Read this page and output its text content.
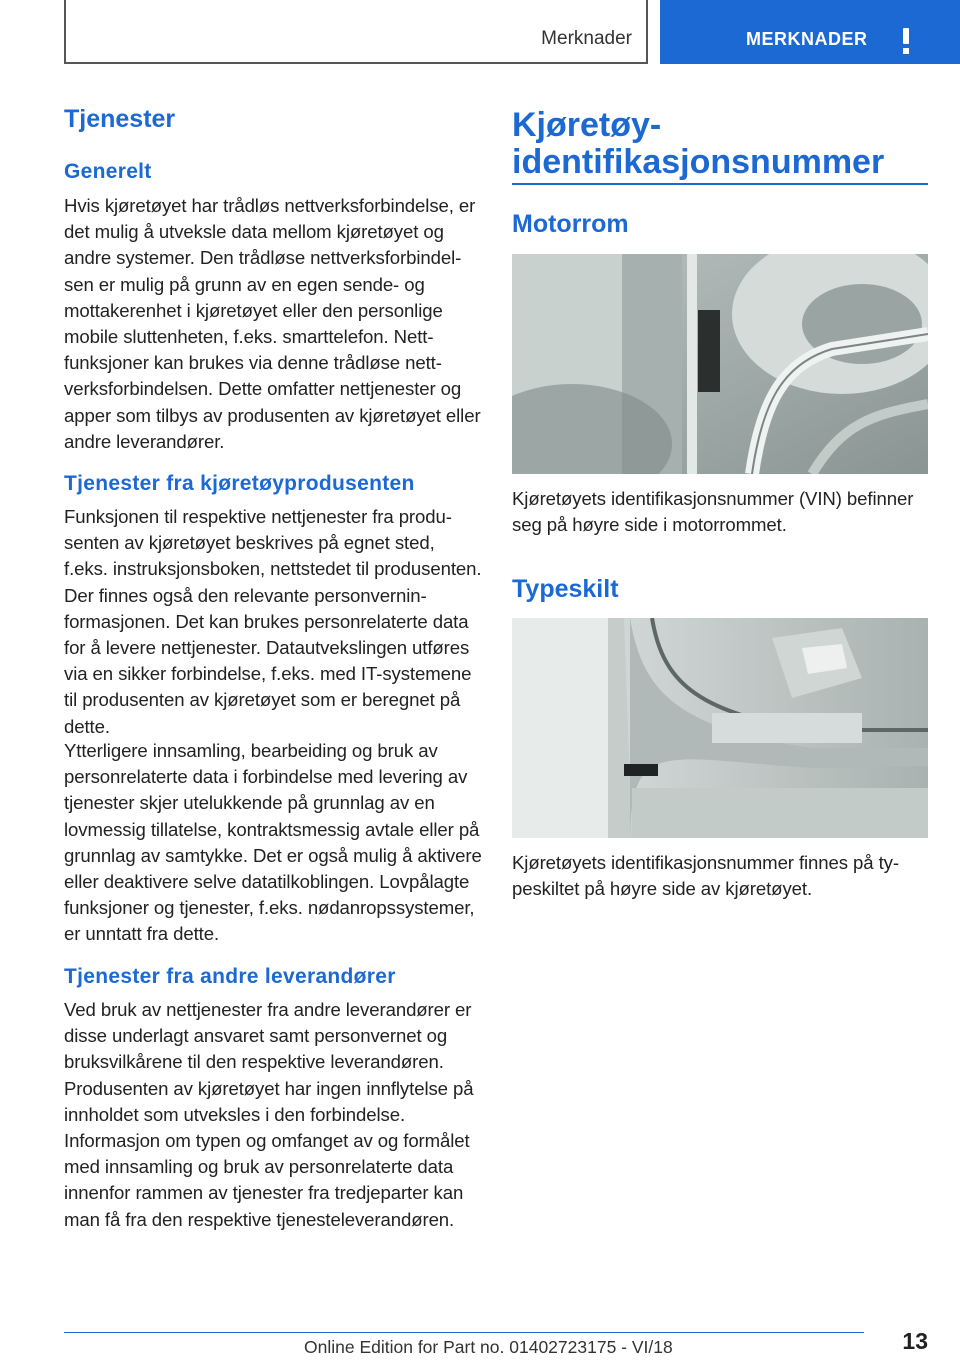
Merknader	MERKNADER
Tjenester
Generelt

Hvis kjøretøyet har trådløs nettverksforbindelse, er det mulig å utveksle data mellom kjøretøyet og andre systemer. Den trådløse nettverksforbindelsen er mulig på grunn av en egen sende- og mottakerenhet i kjøretøyet eller den personlige mobile sluttenheten, f.eks. smarttelefon. Nettfunksjoner kan brukes via denne trådløse nettverksforbindelsen. Dette omfatter nettjenester og apper som tilbys av produsenten av kjøretøyet eller andre leverandører.

Tjenester fra kjøretøyprodusenten

Funksjonen til respektive nettjenester fra produsenten av kjøretøyet beskrives på egnet sted, f.eks. instruksjonsboken, nettstedet til produsenten. Der finnes også den relevante personverninformasjonen. Det kan brukes personrelaterte data for å levere nettjenester. Datautvekslingen utføres via en sikker forbindelse, f.eks. med IT-systemene til produsenten av kjøretøyet som er beregnet på dette.

Ytterligere innsamling, bearbeiding og bruk av personrelaterte data i forbindelse med levering av tjenester skjer utelukkende på grunnlag av en lovmessig tillatelse, kontraktsmessig avtale eller på grunnlag av samtykke. Det er også mulig å aktivere eller deaktivere selve datatilkoblingen. Lovpålagte funksjoner og tjenester, f.eks. nødanropssystemer, er unntatt fra dette.

Tjenester fra andre leverandører

Ved bruk av nettjenester fra andre leverandører er disse underlagt ansvaret samt personvernet og bruksvilkårene til den respektive leverandøren. Produsenten av kjøretøyet har ingen innflytelse på innholdet som utveksles i den forbindelse. Informasjon om typen og omfanget av og formålet med innsamling og bruk av personrelaterte data innenfor rammen av tjenester fra tredjeparter kan man få fra den respektive tjenesteleverandøren.

Kjøretøy-
identifikasjonsnummer
Motorrom

Kjøretøyets identifikasjonsnummer (VIN) befinner seg på høyre side i motorrommet.

Typeskilt

Kjøretøyets identifikasjonsnummer finnes på typeskiltet på høyre side av kjøretøyet.

13
Online Edition for Part no. 01402723175 - VI/18
